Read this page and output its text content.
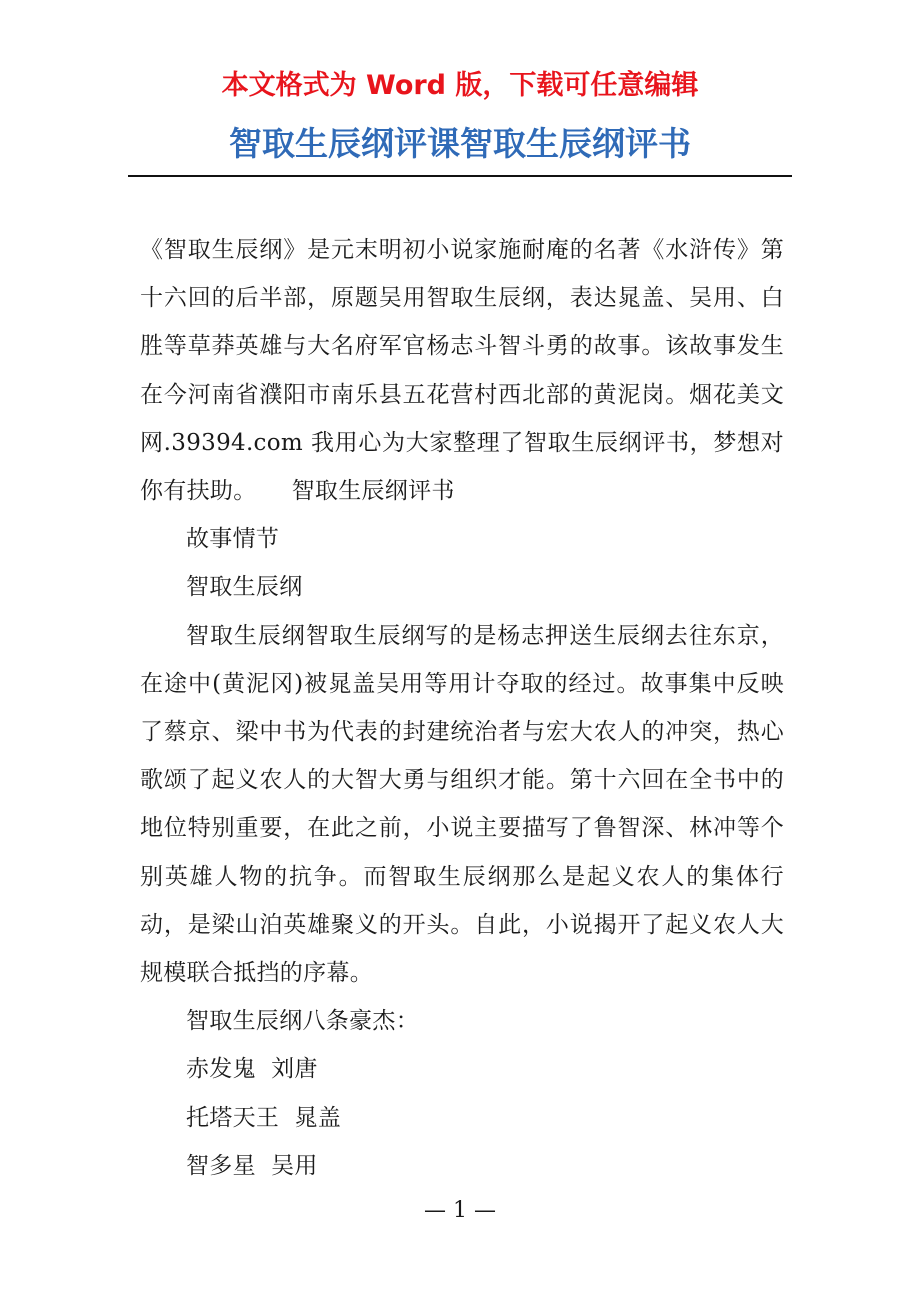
本文格式为 Word 版，下载可任意编辑
智取生辰纲评课智取生辰纲评书

《智取生辰纲》是元末明初小说家施耐庵的名著《水浒传》第十六回的后半部，原题吴用智取生辰纲，表达晁盖、吴用、白胜等草莽英雄与大名府军官杨志斗智斗勇的故事。该故事发生在今河南省濮阳市南乐县五花营村西北部的黄泥岗。烟花美文网.39394.com 我用心为大家整理了智取生辰纲评书，梦想对你有扶助。　　智取生辰纲评书

故事情节

智取生辰纲

智取生辰纲智取生辰纲写的是杨志押送生辰纲去往东京，在途中(黄泥冈)被晁盖吴用等用计夺取的经过。故事集中反映了蔡京、梁中书为代表的封建统治者与宏大农人的冲突，热心歌颂了起义农人的大智大勇与组织才能。第十六回在全书中的地位特别重要，在此之前，小说主要描写了鲁智深、林冲等个别英雄人物的抗争。而智取生辰纲那么是起义农人的集体行动，是梁山泊英雄聚义的开头。自此，小说揭开了起义农人大规模联合抵挡的序幕。

智取生辰纲八条豪杰：

赤发鬼  刘唐

托塔天王  晁盖

智多星  吴用

— 1 —
